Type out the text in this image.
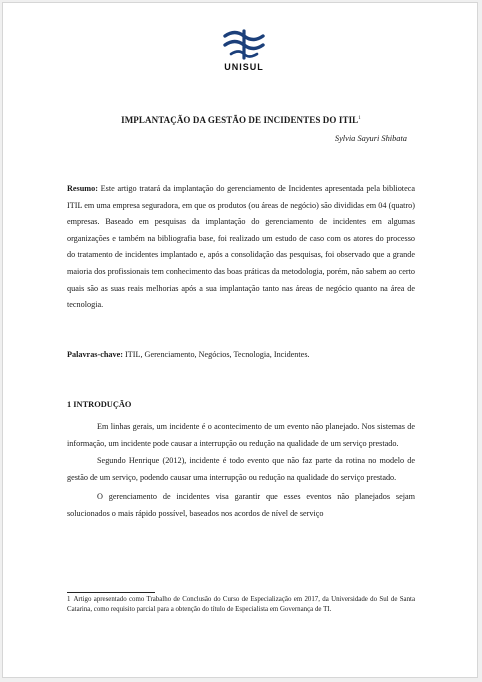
UNISUL
IMPLANTAÇÃO DA GESTÃO DE INCIDENTES DO ITIL$^1$
Sylvia Sayuri Shibata
Resumo: Este artigo tratará da implantação do gerenciamento de Incidentes apresentada pela biblioteca ITIL em uma empresa seguradora, em que os produtos (ou áreas de negócio) são divididas em 04 (quatro) empresas. Baseado em pesquisas da implantação do gerenciamento de incidentes em algumas organizações e também na bibliografia base, foi realizado um estudo de caso com os atores do processo do tratamento de incidentes implantado e, após a consolidação das pesquisas, foi observado que a grande maioria dos profissionais tem conhecimento das boas práticas da metodologia, porém, não sabem ao certo quais são as suas reais melhorias após a sua implantação tanto nas áreas de negócio quanto na área de tecnologia.
Palavras-chave: ITIL, Gerenciamento, Negócios, Tecnologia, Incidentes.
1 INTRODUÇÃO

Em linhas gerais, um incidente é o acontecimento de um evento não planejado. Nos sistemas de informação, um incidente pode causar a interrupção ou redução na qualidade de um serviço prestado.

Segundo Henrique (2012), incidente é todo evento que não faz parte da rotina no modelo de gestão de um serviço, podendo causar uma interrupção ou redução na qualidade do serviço prestado.

O gerenciamento de incidentes visa garantir que esses eventos não planejados sejam solucionados o mais rápido possível, baseados nos acordos de nível de serviço

1 Artigo apresentado como Trabalho de Conclusão do Curso de Especialização em 2017, da Universidade do Sul de Santa Catarina, como requisito parcial para a obtenção do título de Especialista em Governança de TI.
